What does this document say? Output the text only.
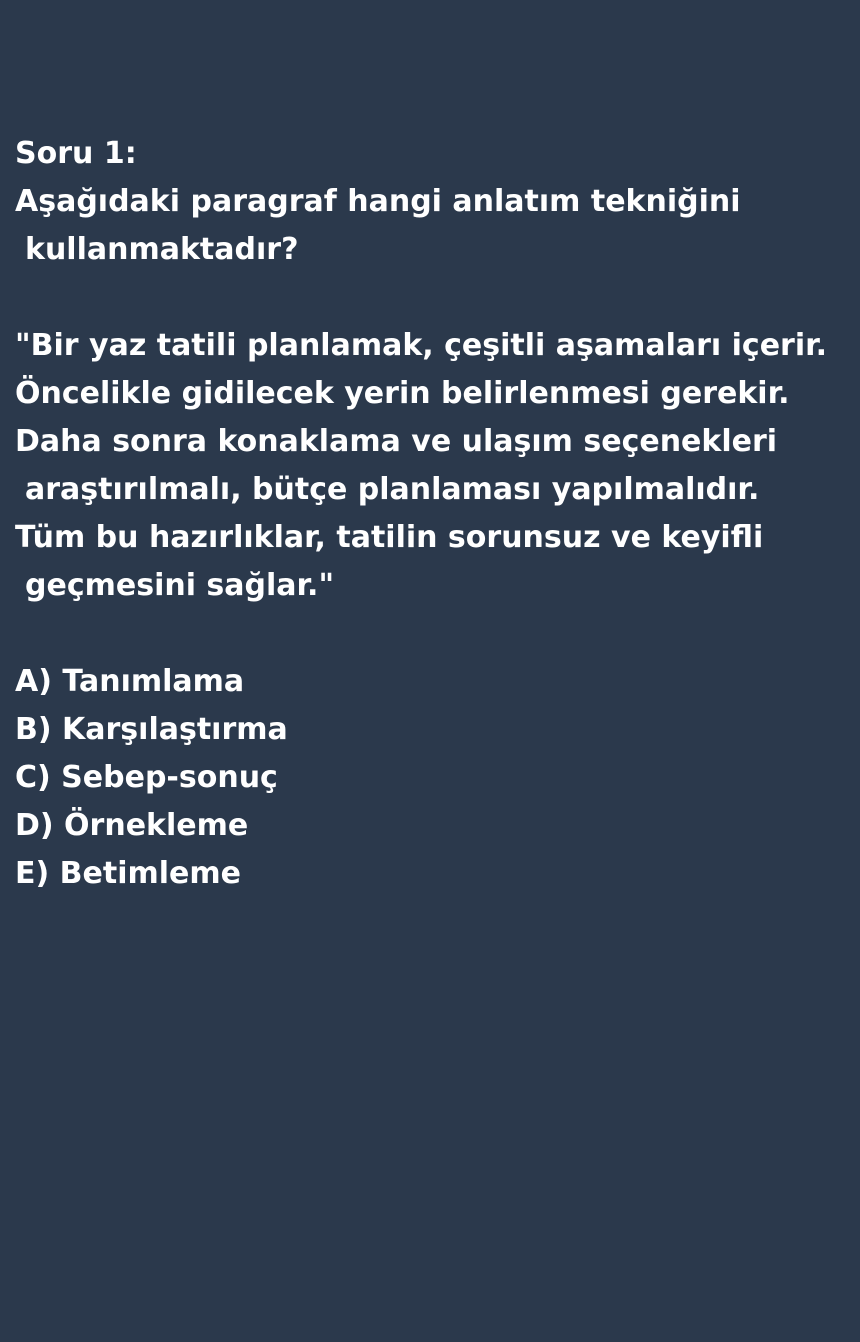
Soru 1:
Aşağıdaki paragraf hangi anlatım tekniğini
kullanmaktadır?
"Bir yaz tatili planlamak, çeşitli aşamaları içerir.
Öncelikle gidilecek yerin belirlenmesi gerekir.
Daha sonra konaklama ve ulaşım seçenekleri
araştırılmalı, bütçe planlaması yapılmalıdır.
Tüm bu hazırlıklar, tatilin sorunsuz ve keyifli
geçmesini sağlar."
A) Tanımlama
B) Karşılaştırma
C) Sebep-sonuç
D) Örnekleme
E) Betimleme
